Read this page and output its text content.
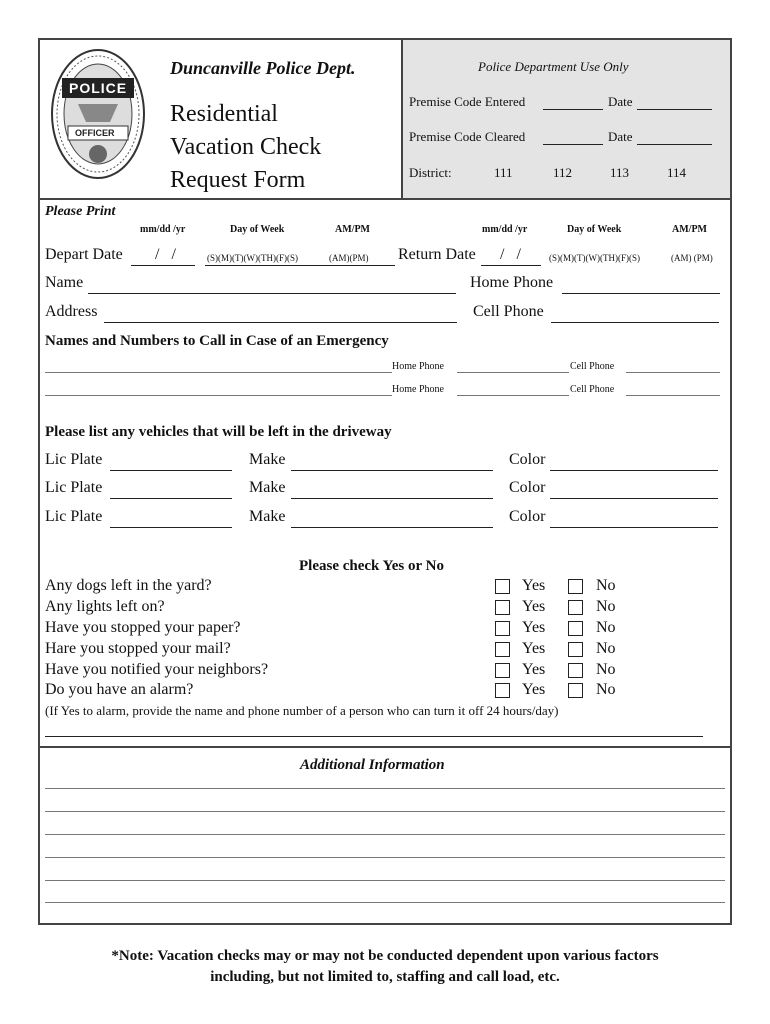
POLICE
OFFICER
Duncanville Police Dept.
Residential
Vacation Check
Request Form
Police Department Use Only
Premise Code Entered	Date
Premise Code Cleared	Date
District:	111	112	113	114
Please Print
mm/dd /yr	Day of Week	AM/PM	mm/dd /yr	Day of Week	AM/PM
Depart Date /   /	(S)(M)(T)(W)(TH)(F)(S)	(AM)(PM) Return Date /   /	(S)(M)(T)(W)(TH)(F)(S)	(AM) (PM)
Name	Home Phone
Address	Cell Phone
Names and Numbers to Call in Case of an Emergency
Home Phone	Cell Phone
Home Phone	Cell Phone
Please list any vehicles that will be left in the driveway
Lic Plate	Make	Color
Lic Plate	Make	Color
Lic Plate	Make	Color
Please check Yes or No
Any dogs left in the yard?	Yes	No
Any lights left on?	Yes	No
Have you stopped your paper?	Yes	No
Hare you stopped your mail?	Yes	No
Have you notified your neighbors?	Yes	No
Do you have an alarm?	Yes	No
(If Yes to alarm, provide the name and phone number of a person who can turn it off 24 hours/day)
Additional Information
*Note: Vacation checks may or may not be conducted dependent upon various factors
including, but not limited to, staffing and call load, etc.
